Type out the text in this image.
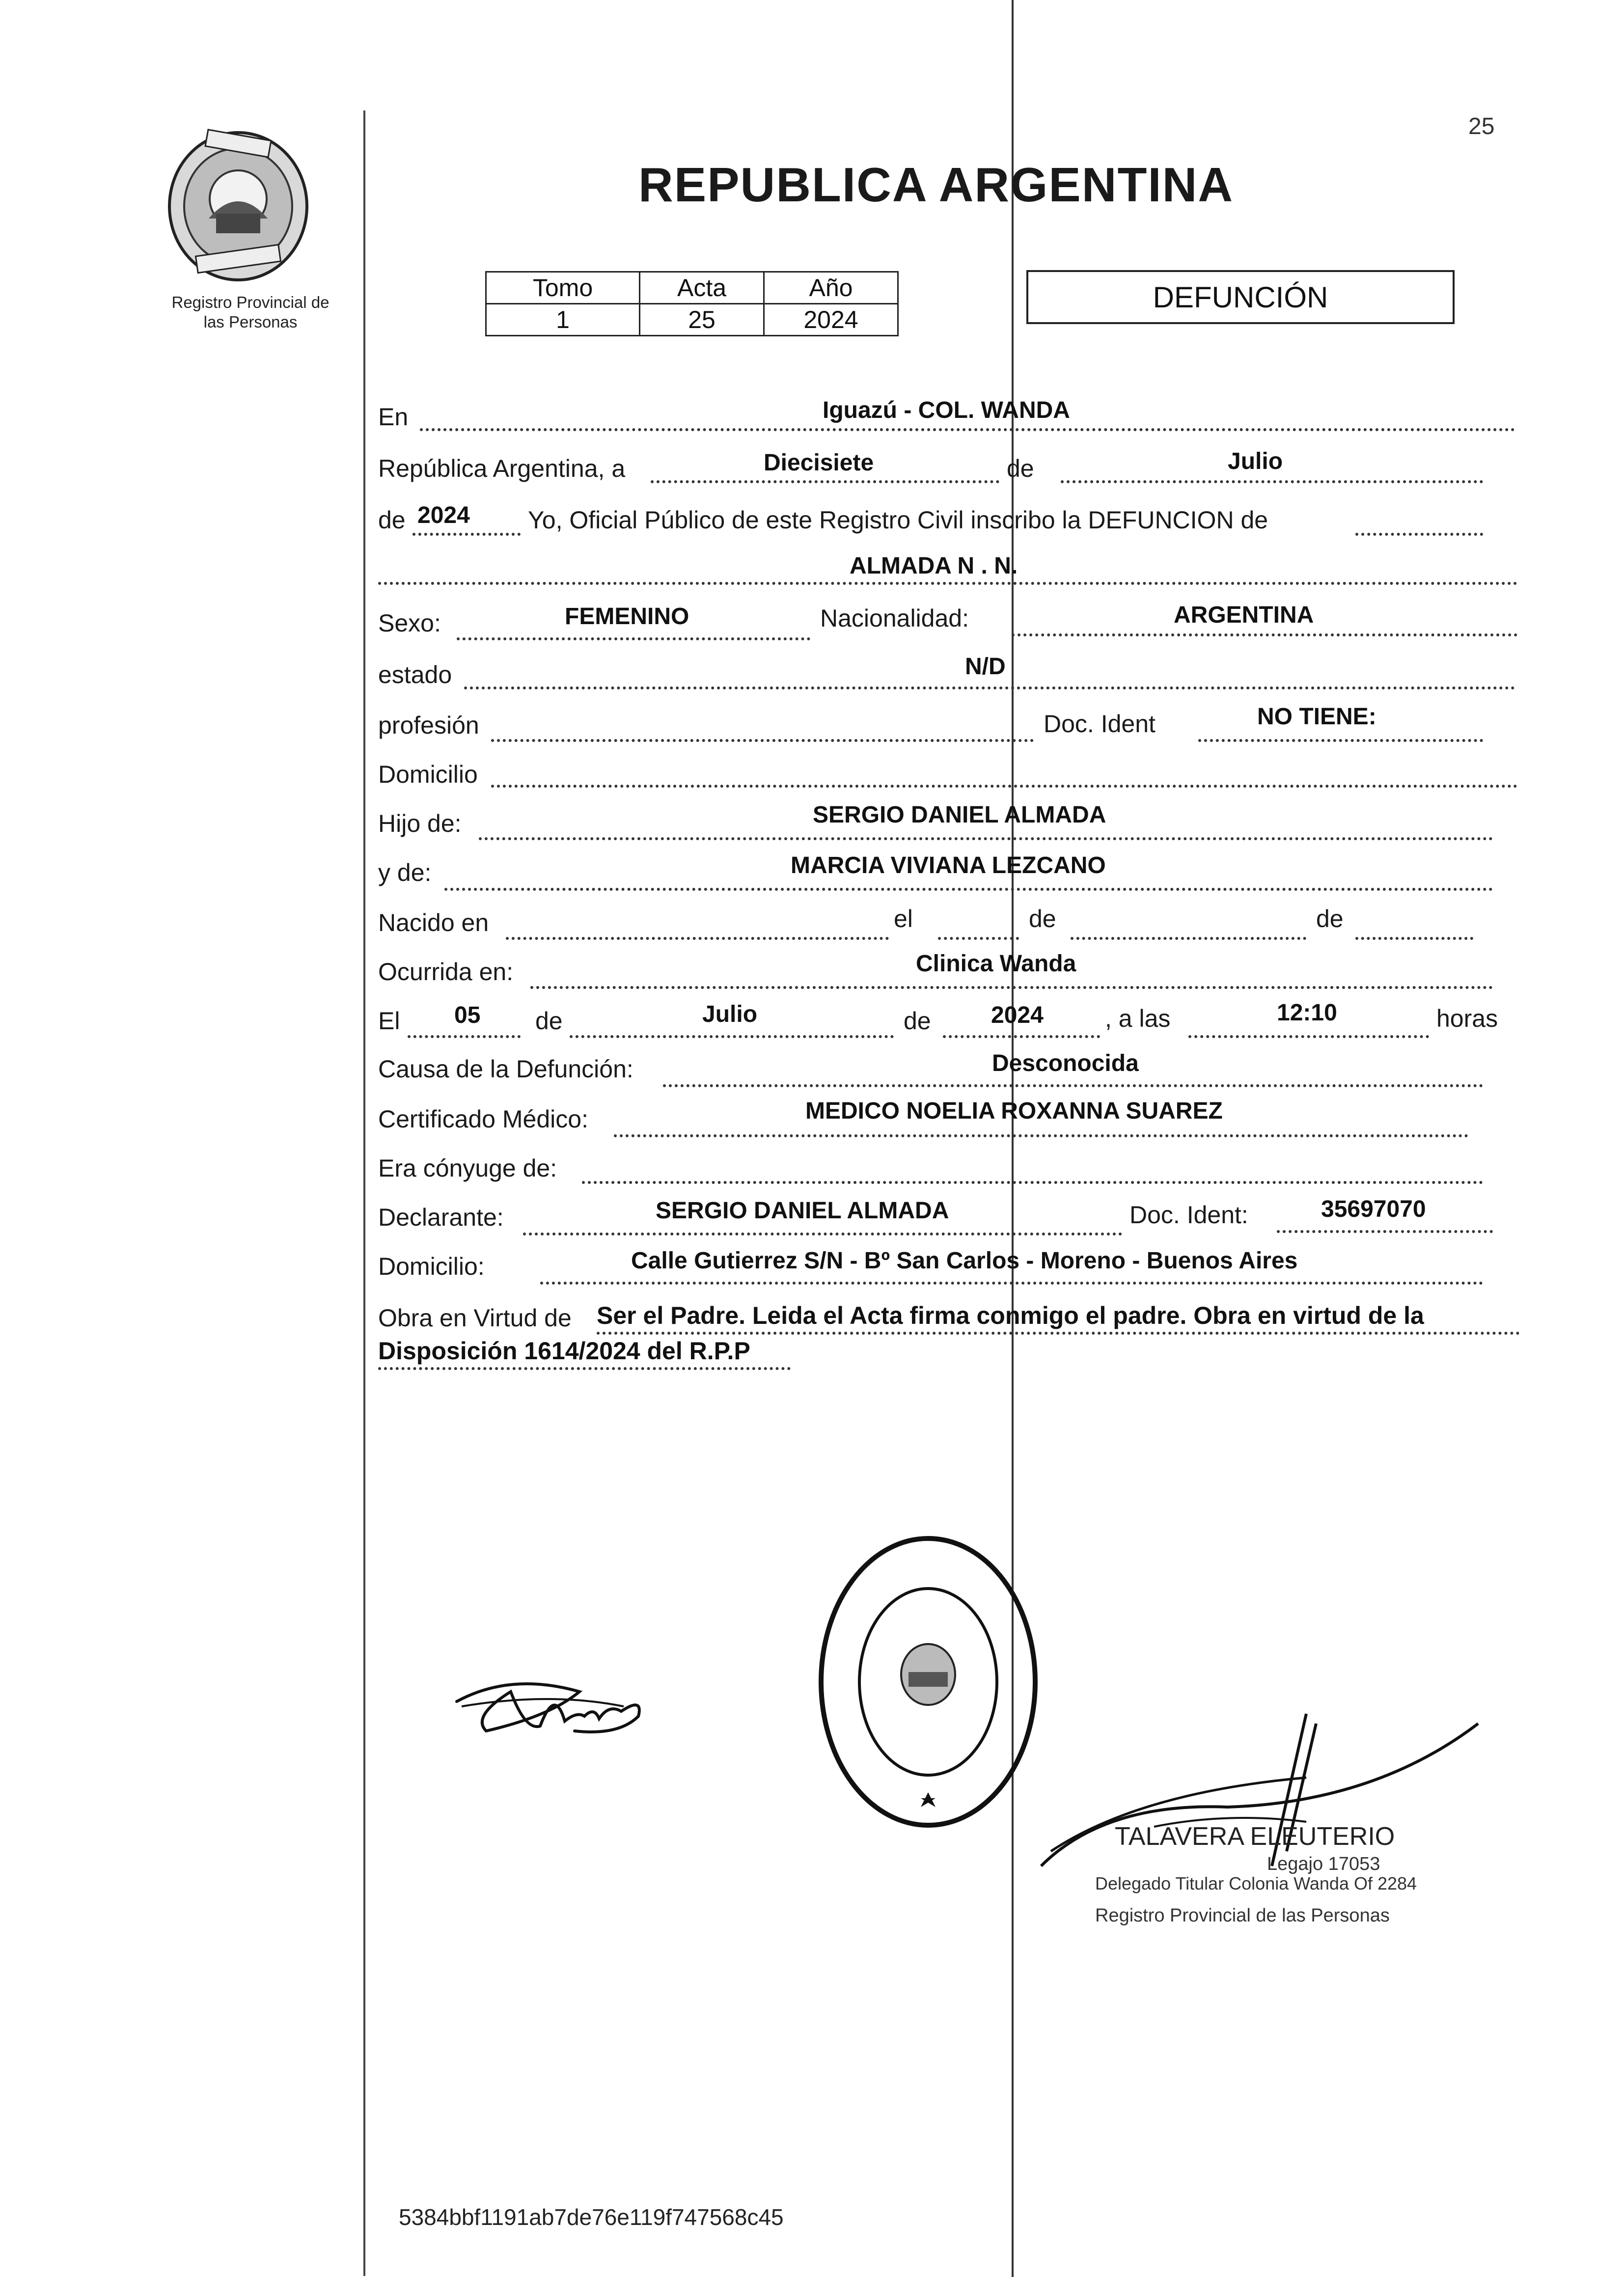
Registro Provincial de
las Personas
25
REPUBLICA ARGENTINA
Tomo	Acta	Año
1	25	2024
DEFUNCIÓN
En	Iguazú - COL. WANDA
República Argentina, a	Diecisiete	de	Julio
de 2024 Yo, Oficial Público de este Registro Civil inscribo la DEFUNCION de
ALMADA N . N.
Sexo:	FEMENINO	Nacionalidad:	ARGENTINA
estado	N/D
profesión	Doc. Ident	NO TIENE:
Domicilio
Hijo de:	SERGIO DANIEL ALMADA
y de:	MARCIA VIVIANA LEZCANO
Nacido en	el	de	de
Ocurrida en:	Clinica Wanda
El 05 de	Julio	de	2024	, a las	12:10	horas
Causa de la Defunción:	Desconocida
Certificado Médico:	MEDICO NOELIA ROXANNA SUAREZ
Era cónyuge de:
Declarante:	SERGIO DANIEL ALMADA	Doc. Ident:	35697070
Domicilio:	Calle Gutierrez S/N - Bº San Carlos - Moreno - Buenos Aires
Obra en Virtud de Ser el Padre. Leida el Acta firma conmigo el padre. Obra en virtud de la
Disposición 1614/2024 del R.P.P
TALAVERA ELEUTERIO
Legajo 17053
Delegado Titular Colonia Wanda Of 2284
Registro Provincial de las Personas
5384bbf1191ab7de76e119f747568c45
